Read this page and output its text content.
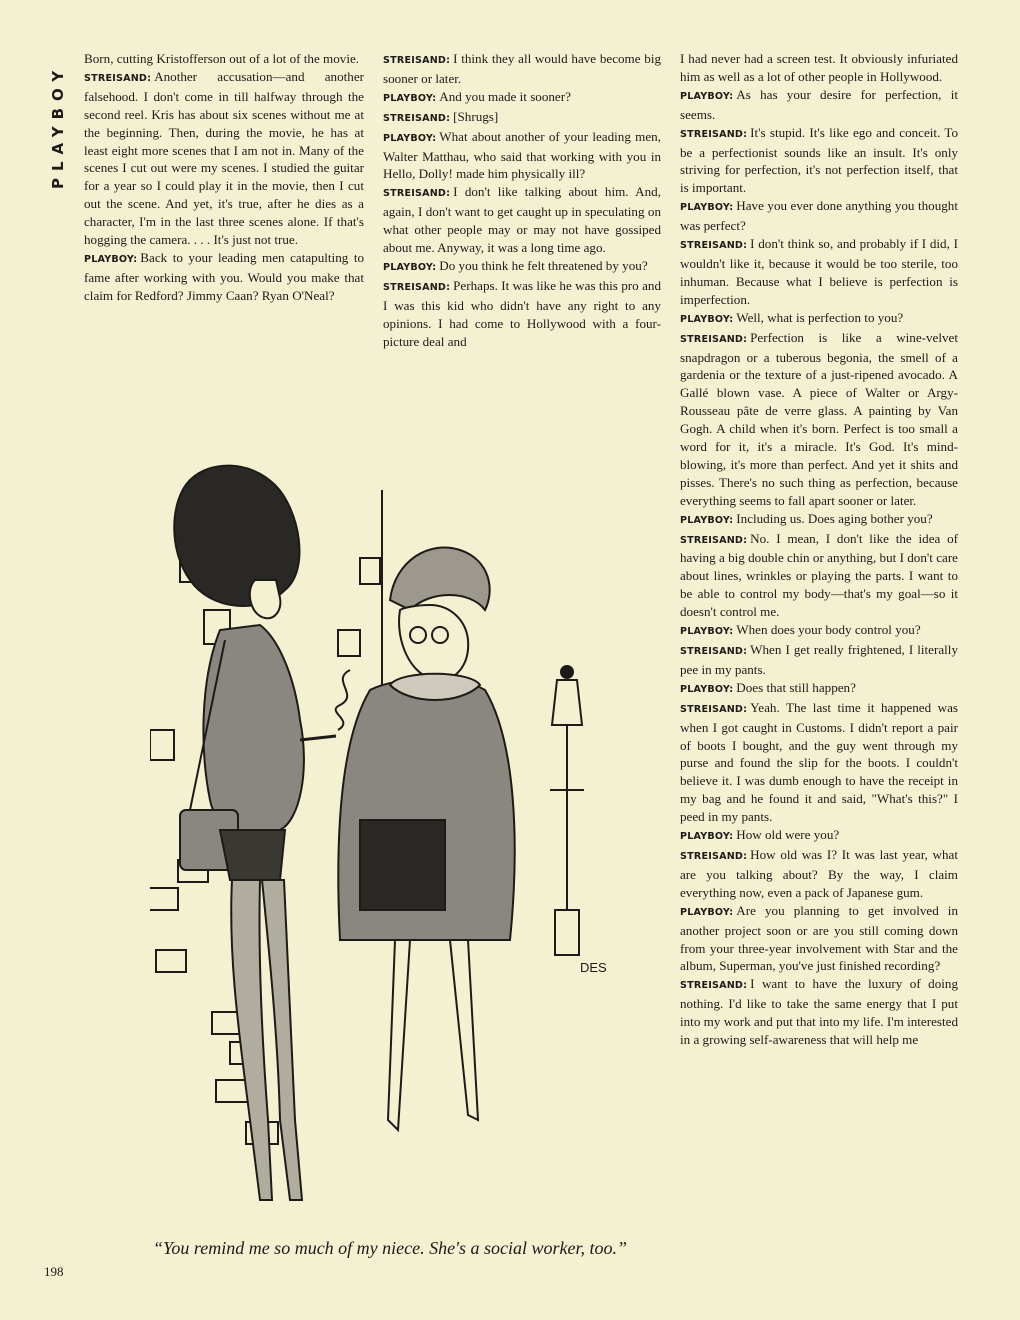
PLAYBOY

Born, cutting Kristofferson out of a lot of the movie.

STREISAND: Another accusation—and another falsehood. I don't come in till halfway through the second reel. Kris has about six scenes without me at the beginning. Then, during the movie, he has at least eight more scenes that I am not in. Many of the scenes I cut out were my scenes. I studied the guitar for a year so I could play it in the movie, then I cut out the scene. And yet, it's true, after he dies as a character, I'm in the last three scenes alone. If that's hogging the camera. . . . It's just not true.

PLAYBOY: Back to your leading men catapulting to fame after working with you. Would you make that claim for Redford? Jimmy Caan? Ryan O'Neal?

STREISAND: I think they all would have become big sooner or later.

PLAYBOY: And you made it sooner?

STREISAND: [Shrugs]

PLAYBOY: What about another of your leading men, Walter Matthau, who said that working with you in Hello, Dolly! made him physically ill?

STREISAND: I don't like talking about him. And, again, I don't want to get caught up in speculating on what other people may or may not have gossiped about me. Anyway, it was a long time ago.

PLAYBOY: Do you think he felt threatened by you?

STREISAND: Perhaps. It was like he was this pro and I was this kid who didn't have any right to any opinions. I had come to Hollywood with a four-picture deal and

I had never had a screen test. It obviously infuriated him as well as a lot of other people in Hollywood.

PLAYBOY: As has your desire for perfection, it seems.

STREISAND: It's stupid. It's like ego and conceit. To be a perfectionist sounds like an insult. It's only striving for perfection, it's not perfection itself, that is important.

PLAYBOY: Have you ever done anything you thought was perfect?

STREISAND: I don't think so, and probably if I did, I wouldn't like it, because it would be too sterile, too inhuman. Because what I believe is perfection is imperfection.

PLAYBOY: Well, what is perfection to you?

STREISAND: Perfection is like a wine-velvet snapdragon or a tuberous begonia, the smell of a gardenia or the texture of a just-ripened avocado. A Gallé blown vase. A piece of Walter or Argy-Rousseau pâte de verre glass. A painting by Van Gogh. A child when it's born. Perfect is too small a word for it, it's a miracle. It's God. It's mind-blowing, it's more than perfect. And yet it shits and pisses. There's no such thing as perfection, because everything seems to fall apart sooner or later.

PLAYBOY: Including us. Does aging bother you?

STREISAND: No. I mean, I don't like the idea of having a big double chin or anything, but I don't care about lines, wrinkles or playing the parts. I want to be able to control my body—that's my goal—so it doesn't control me.

PLAYBOY: When does your body control you?

STREISAND: When I get really frightened, I literally pee in my pants.

PLAYBOY: Does that still happen?

STREISAND: Yeah. The last time it happened was when I got caught in Customs. I didn't report a pair of boots I bought, and the guy went through my purse and found the slip for the boots. I couldn't believe it. I was dumb enough to have the receipt in my bag and he found it and said, "What's this?" I peed in my pants.

PLAYBOY: How old were you?

STREISAND: How old was I? It was last year, what are you talking about? By the way, I claim everything now, even a pack of Japanese gum.

PLAYBOY: Are you planning to get involved in another project soon or are you still coming down from your three-year involvement with Star and the album, Superman, you've just finished recording?

STREISAND: I want to have the luxury of doing nothing. I'd like to take the same energy that I put into my work and put that into my life. I'm interested in a growing self-awareness that will help me

DES
“You remind me so much of my niece. She's a social worker, too.”
198
